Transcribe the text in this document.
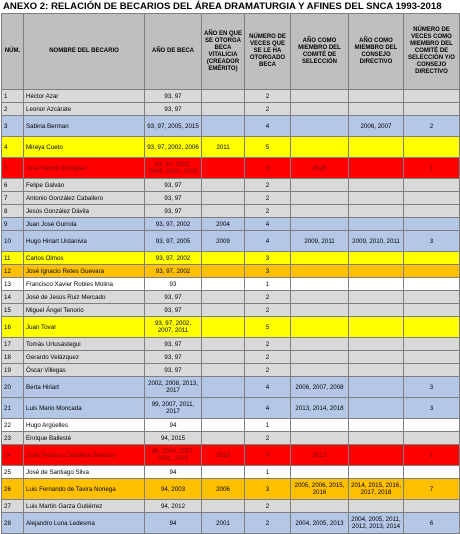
ANEXO 2: RELACIÓN DE BECARIOS DEL ÁREA DRAMATURGIA Y AFINES DEL SNCA 1993-2018
NÚM.	NOMBRE DEL BECARIO	AÑO DE BECA	AÑO EN QUE SE OTORGA BECA VITALICIA (CREADOR EMÉRITO)	NÚMERO DE VECES QUE SE LE HA OTORGADO BECA	AÑO COMO MIEMBRO DEL COMITÉ DE SELECCIÓN	AÑO COMO MIEMBRO DEL CONSEJO DIRECTIVO	NÚMERO DE VECES COMO MIEMBRO DEL COMITÉ DE SELECCIÓN Y/O CONSEJO DIRECTIVO
1	Héctor Azar	93, 97		2			
2	Leonor Azcárate	93, 97		2			
3	Sabina Berman	93, 97, 2005, 2015		4		2006, 2007	2
4	Mireya Cueto	93, 97, 2002, 2006	2011	5			
5	José Ramón Enríquez	93, 97, 2002, 2006, 2010, 2015		6	2018		1
6	Felipe Galván	93, 97		2			
7	Antonio González Caballero	93, 97		2			
8	Jesús González Dávila	93, 97		2			
9	Juan José Gurrola	93, 97, 2002	2004	4			
10	Hugo Hiriart Urdanivia	93, 97, 2005	2009	4	2009, 2011	2009, 2010, 2011	3
11	Carlos Olmos	93, 97, 2002		3			
12	José Ignacio Retes Guevara	93, 97, 2002		3			
13	Francisco Xavier Robles Molina	93		1			
14	José de Jesús Ruiz Mercado	93, 97		2			
15	Miguel Ángel Tenorio	93, 97		2			
16	Juan Tovar	93, 97, 2002, 2007, 2011		5			
17	Tomás Urtusástegui	93, 97		2			
18	Gerardo Velázquez	93, 97		2			
19	Óscar Villegas	93, 97		2			
20	Berta Hiriart	2002, 2008, 2013, 2017		4	2006, 2007, 2008		3
21	Luis Mario Moncada	99, 2007, 2011, 2017		4	2013, 2014, 2018		3
22	Hugo Argüelles	94		1			
23	Enrique Ballesté	94, 2015		2			
24	José Teodoro Caballero Betancu	96, 2000, 2007, 2011, 2015	2018	6	2013		1
25	José de Santiago Silva	94		1			
26	Luis Fernando de Tavira Noriega	94, 2003	2006	3	2005, 2006, 2015, 2016	2014, 2015, 2016, 2017, 2018	7
27	Luis Martín Garza Gutiérrez	94, 2012		2			
28	Alejandro Luna Ledesma	94	2001	2	2004, 2005, 2013	2004, 2005, 2011, 2012, 2013, 2014	6
